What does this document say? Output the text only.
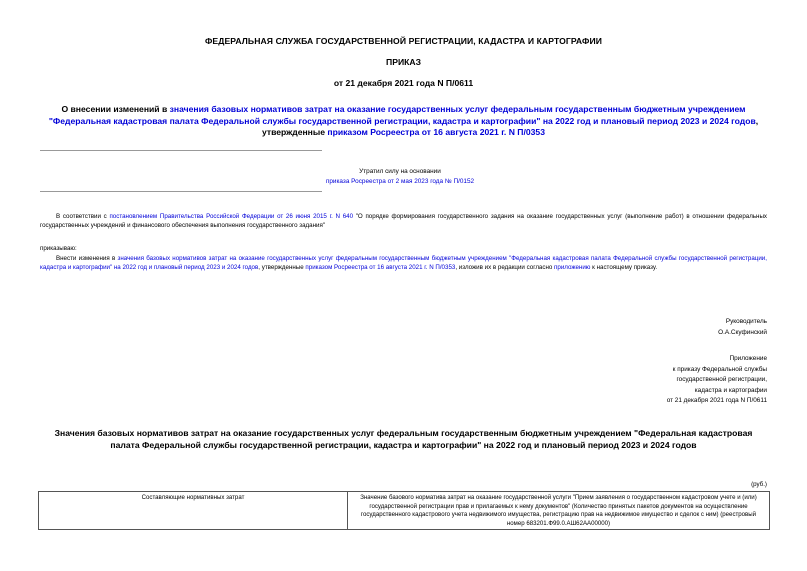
ФЕДЕРАЛЬНАЯ СЛУЖБА ГОСУДАРСТВЕННОЙ РЕГИСТРАЦИИ, КАДАСТРА И КАРТОГРАФИИ
ПРИКАЗ
от 21 декабря 2021 года N П/0611
О внесении изменений в значения базовых нормативов затрат на оказание государственных услуг федеральным государственным бюджетным учреждением "Федеральная кадастровая палата Федеральной службы государственной регистрации, кадастра и картографии" на 2022 год и плановый период 2023 и 2024 годов, утвержденные приказом Росреестра от 16 августа 2021 г. N П/0353
Утратил силу на основании
приказа Росреестра от 2 мая 2023 года № П/0152
В соответствии с постановлением Правительства Российской Федерации от 26 июня 2015 г. N 640 "О порядке формирования государственного задания на оказание государственных услуг (выполнение работ) в отношении федеральных государственных учреждений и финансового обеспечения выполнения государственного задания"
приказываю:
Внести изменения в значения базовых нормативов затрат на оказание государственных услуг федеральным государственным бюджетным учреждением "Федеральная кадастровая палата Федеральной службы государственной регистрации, кадастра и картографии" на 2022 год и плановый период 2023 и 2024 годов, утвержденные приказом Росреестра от 16 августа 2021 г. N П/0353, изложив их в редакции согласно приложению к настоящему приказу.
Руководитель
О.А.Скуфинский
Приложение
к приказу Федеральной службы
государственной регистрации,
кадастра и картографии
от 21 декабря 2021 года N П/0611
Значения базовых нормативов затрат на оказание государственных услуг федеральным государственным бюджетным учреждением "Федеральная кадастровая палата Федеральной службы государственной регистрации, кадастра и картографии" на 2022 год и плановый период 2023 и 2024 годов
(руб.)
Составляющие нормативных затрат	Значение базового норматива затрат на оказание государственной услуги "Прием заявления о государственном кадастровом учете и (или) государственной регистрации прав и прилагаемых к нему документов" (Количество принятых пакетов документов на осуществление государственного кадастрового учета недвижимого имущества, регистрацию прав на недвижимое имущество и сделок с ним) (реестровый номер 683201.Ф99.0.АШ62АА00000)
